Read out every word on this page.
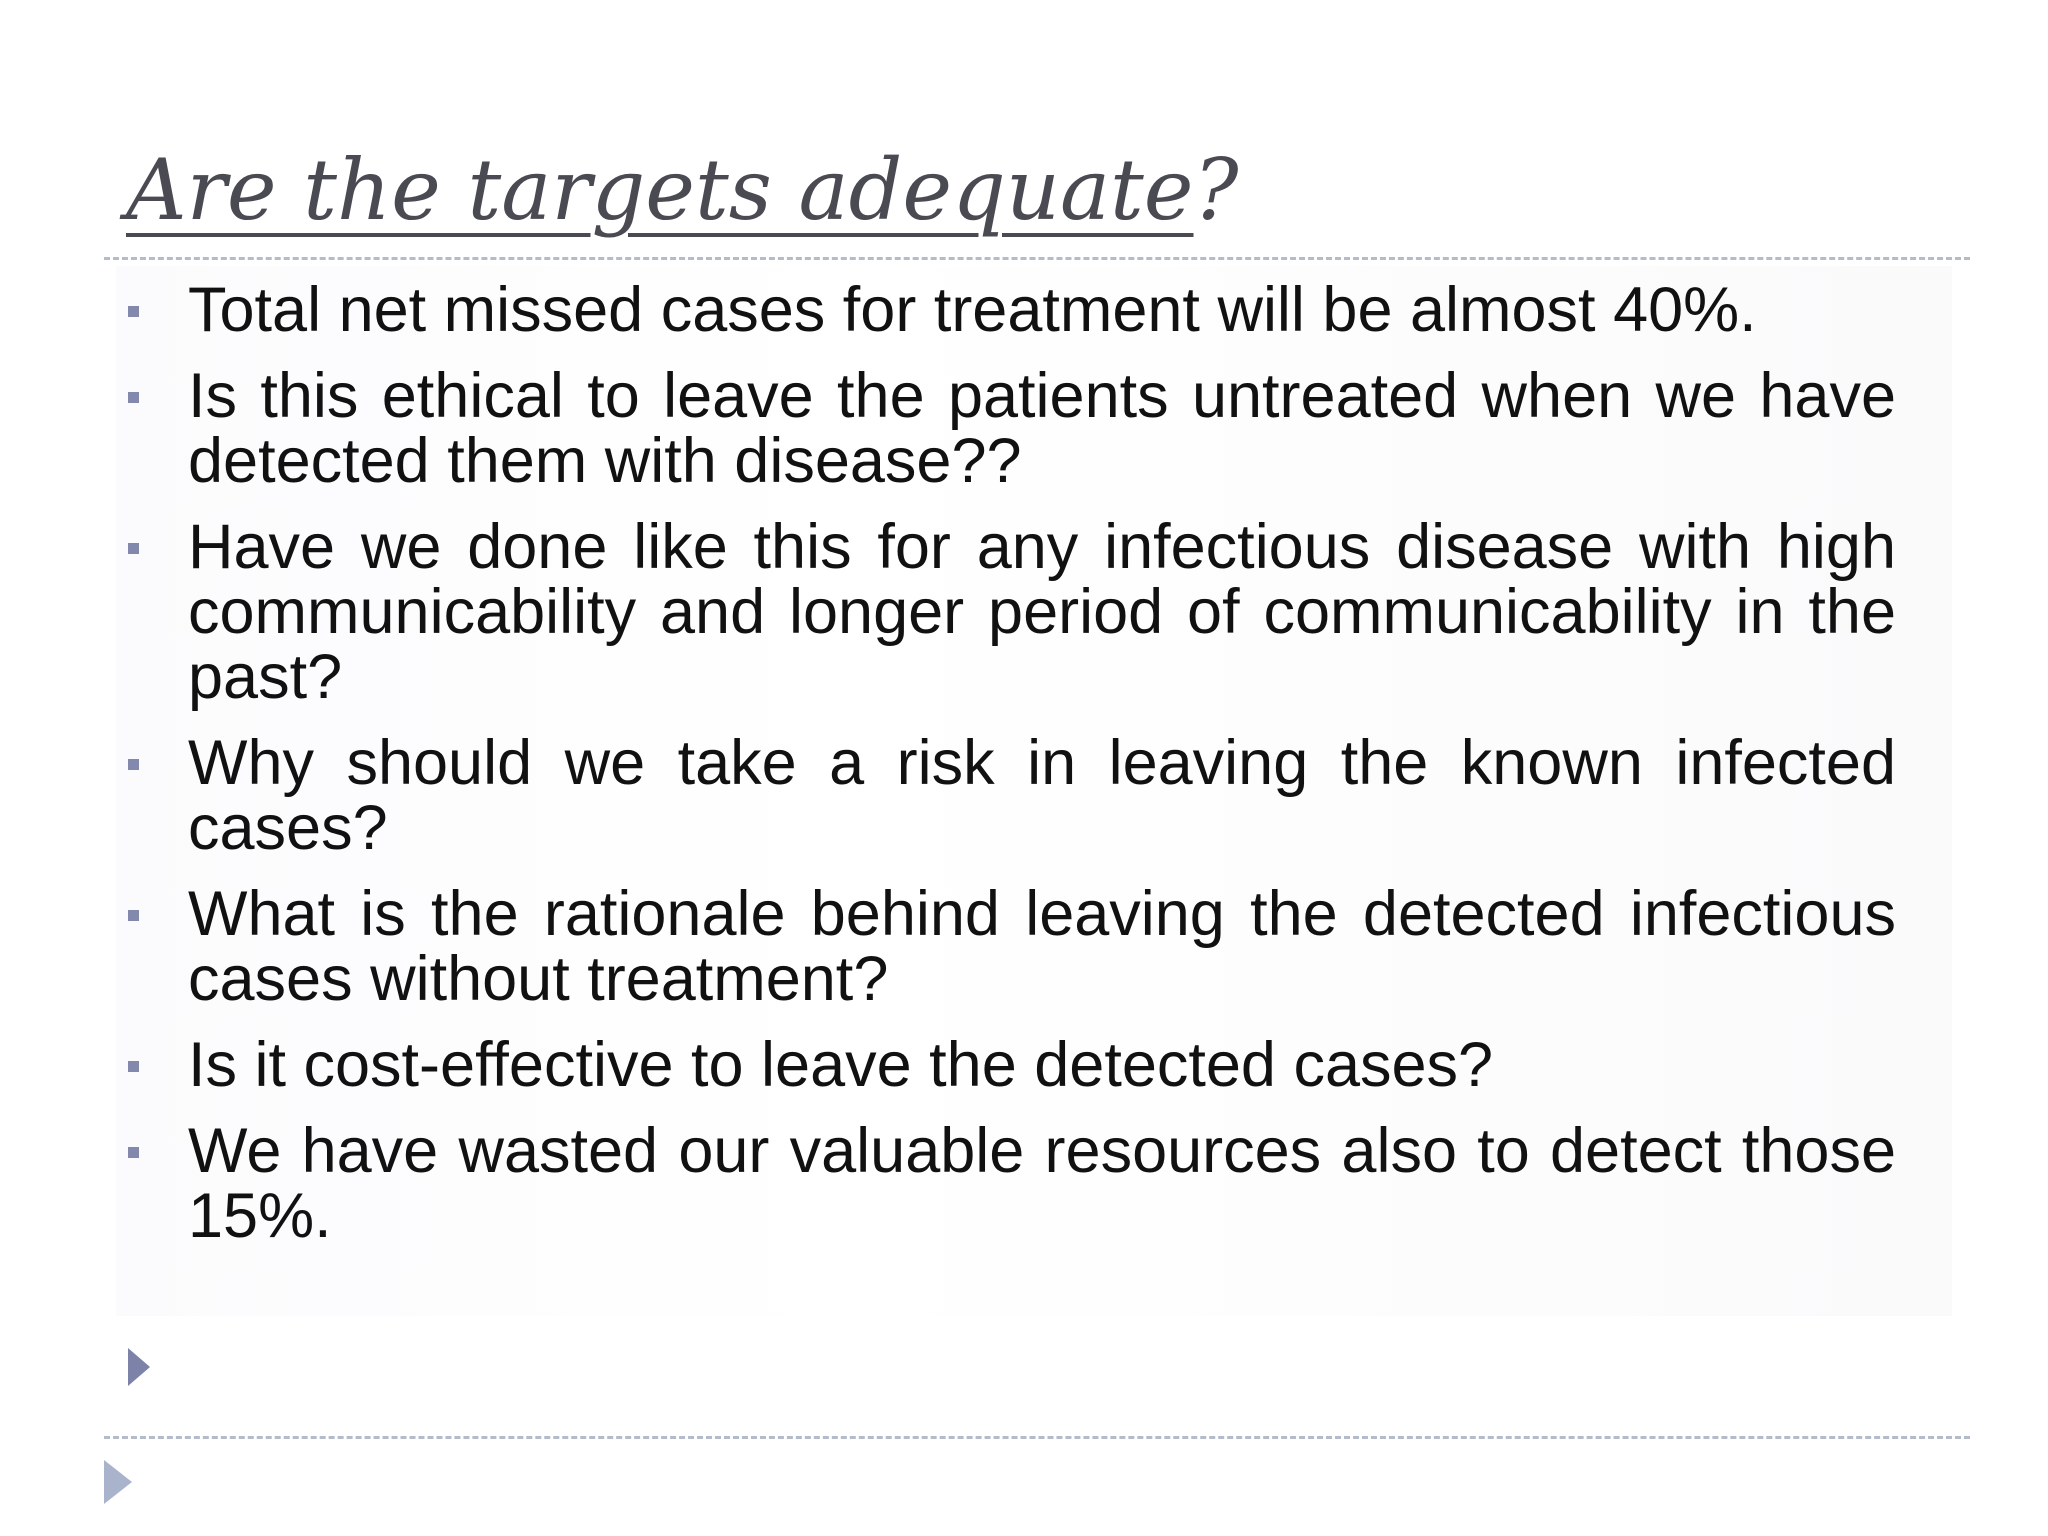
Are the targets adequate?
Total net missed cases for treatment will be almost 40%.
Is this ethical to leave the patients untreated when we have detected them with disease??
Have we done like this for any infectious disease with high communicability and longer period of communicability in the past?
Why should we take a risk in leaving the known infected cases?
What is the rationale behind leaving the detected infectious cases without treatment?
Is it cost-effective to leave the detected cases?
We have wasted our valuable resources also to detect those 15%.
